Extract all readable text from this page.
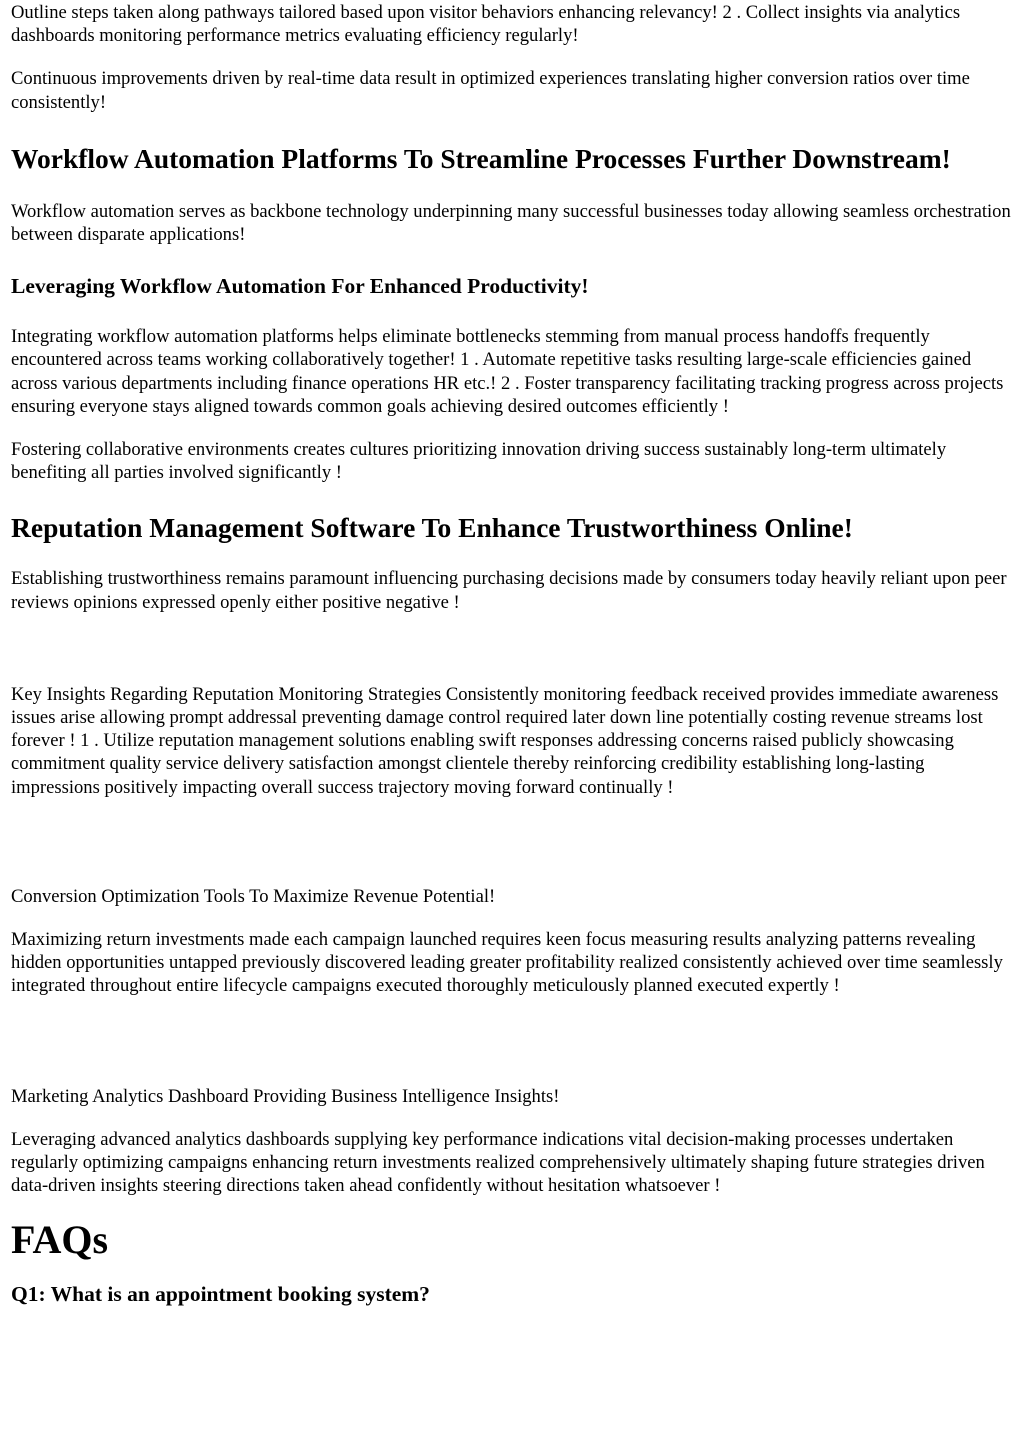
Outline steps taken along pathways tailored based upon visitor behaviors enhancing relevancy! 2 . Collect insights via analytics dashboards monitoring performance metrics evaluating efficiency regularly!

Continuous improvements driven by real-time data result in optimized experiences translating higher conversion ratios over time consistently!

Workflow Automation Platforms To Streamline Processes Further Downstream!

Workflow automation serves as backbone technology underpinning many successful businesses today allowing seamless orchestration between disparate applications!

Leveraging Workflow Automation For Enhanced Productivity!

Integrating workflow automation platforms helps eliminate bottlenecks stemming from manual process handoffs frequently encountered across teams working collaboratively together! 1 . Automate repetitive tasks resulting large-scale efficiencies gained across various departments including finance operations HR etc.! 2 . Foster transparency facilitating tracking progress across projects ensuring everyone stays aligned towards common goals achieving desired outcomes efficiently !

Fostering collaborative environments creates cultures prioritizing innovation driving success sustainably long-term ultimately benefiting all parties involved significantly !

Reputation Management Software To Enhance Trustworthiness Online!

Establishing trustworthiness remains paramount influencing purchasing decisions made by consumers today heavily reliant upon peer reviews opinions expressed openly either positive negative !

Key Insights Regarding Reputation Monitoring Strategies Consistently monitoring feedback received provides immediate awareness issues arise allowing prompt addressal preventing damage control required later down line potentially costing revenue streams lost forever ! 1 . Utilize reputation management solutions enabling swift responses addressing concerns raised publicly showcasing commitment quality service delivery satisfaction amongst clientele thereby reinforcing credibility establishing long-lasting impressions positively impacting overall success trajectory moving forward continually !

Conversion Optimization Tools To Maximize Revenue Potential!

Maximizing return investments made each campaign launched requires keen focus measuring results analyzing patterns revealing hidden opportunities untapped previously discovered leading greater profitability realized consistently achieved over time seamlessly integrated throughout entire lifecycle campaigns executed thoroughly meticulously planned executed expertly !

Marketing Analytics Dashboard Providing Business Intelligence Insights!

Leveraging advanced analytics dashboards supplying key performance indications vital decision-making processes undertaken regularly optimizing campaigns enhancing return investments realized comprehensively ultimately shaping future strategies driven data-driven insights steering directions taken ahead confidently without hesitation whatsoever !

FAQs
Q1: What is an appointment booking system?
